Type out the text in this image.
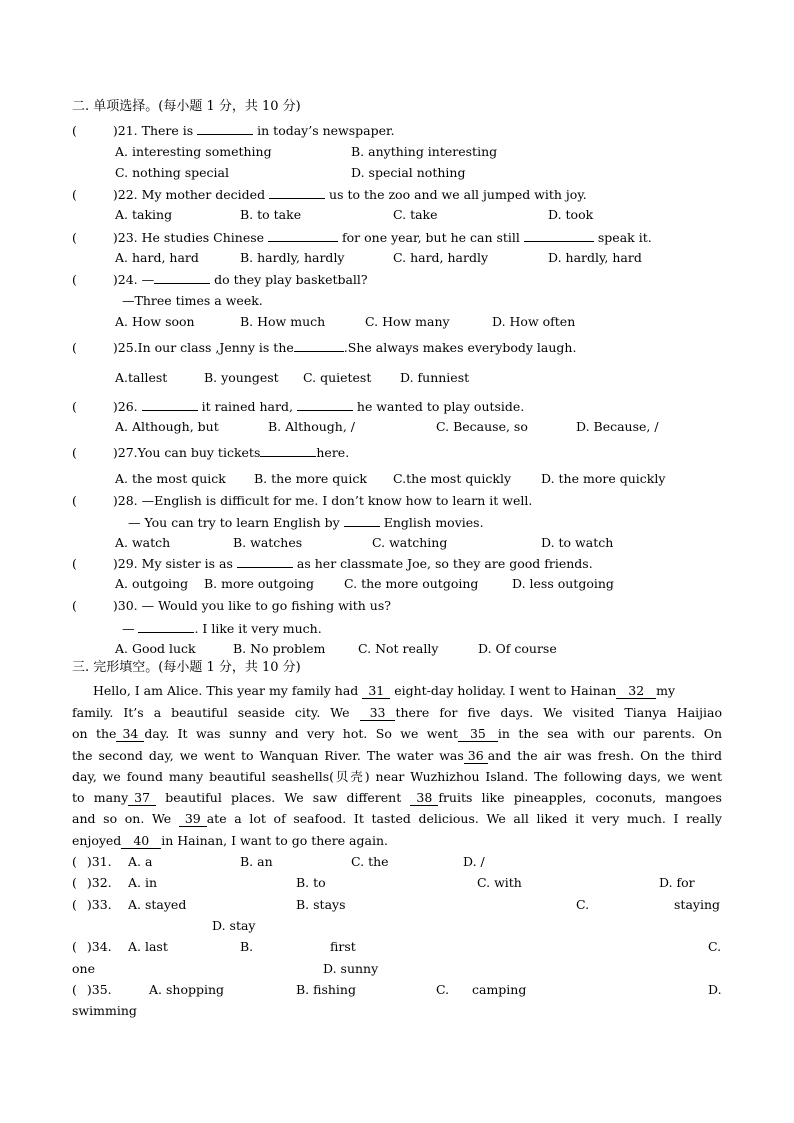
二. 单项选择。(每小题 1 分，共 10 分)
(	)21. There is	in today’s newspaper.
A. interesting something	B. anything interesting
C. nothing special	D. special nothing
(	)22. My mother decided	us to the zoo and we all jumped with joy.
A. taking	B. to take	C. take	D. took
(	)23. He studies Chinese	for one year, but he can still	speak it.
A. hard, hard	B. hardly, hardly	C. hard, hardly	D. hardly, hard
(	)24. —	do they play basketball?
—Three times a week.
A. How soon	B. How much	C. How many	D. How often
(	)25.In our class ,Jenny is the	.She always makes everybody laugh.
A.tallest	B. youngest C. quietest D. funniest
(	)26.	it rained hard,	he wanted to play outside.
A. Although, but	B. Although, /	C. Because, so	D. Because, /
(	)27.You can buy tickets	here.
A. the most quick B. the more quick C.the most quickly D. the more quickly
(	)28. —English is difficult for me. I don’t know how to learn it well.
— You can try to learn English by	English movies.
A. watch	B. watches	C. watching	D. to watch
(	)29. My sister is as	as her classmate Joe, so they are good friends.
A. outgoing B. more outgoing C. the more outgoing	D. less outgoing
(	)30. — Would you like to go fishing with us?
—	. I like it very much.
A. Good luck	B. No problem	C. Not really	D. Of course
三. 完形填空。(每小题 1 分，共 10 分)
Hello, I am Alice. This year my family had 31 eight-day holiday. I went to Hainan 32 my
family. It’s a beautiful seaside city. We 33 there for five days. We visited Tianya Haijiao
on the 34 day. It was sunny and very hot. So we went 35 in the sea with our parents. On
the second day, we went to Wanquan River. The water was 36 and the air was fresh. On the third
day, we found many beautiful seashells(贝壳) near Wuzhizhou Island. The following days, we went
to many 37 beautiful places. We saw different 38 fruits like pineapples, coconuts, mangoes
and so on. We 39 ate a lot of seafood. It tasted delicious. We all liked it very much. I really
enjoyed 40 in Hainan, I want to go there again.
( )31. A. a	B. an	C. the	D. /
( )32. A. in	B. to	C. with	D. for
( )33. A. stayed	B. stays	C.	staying
D. stay
( )34. A. last	B.	first	C.
one	D. sunny
( )35.	A. shopping	B. fishing	C. camping	D.
swimming
